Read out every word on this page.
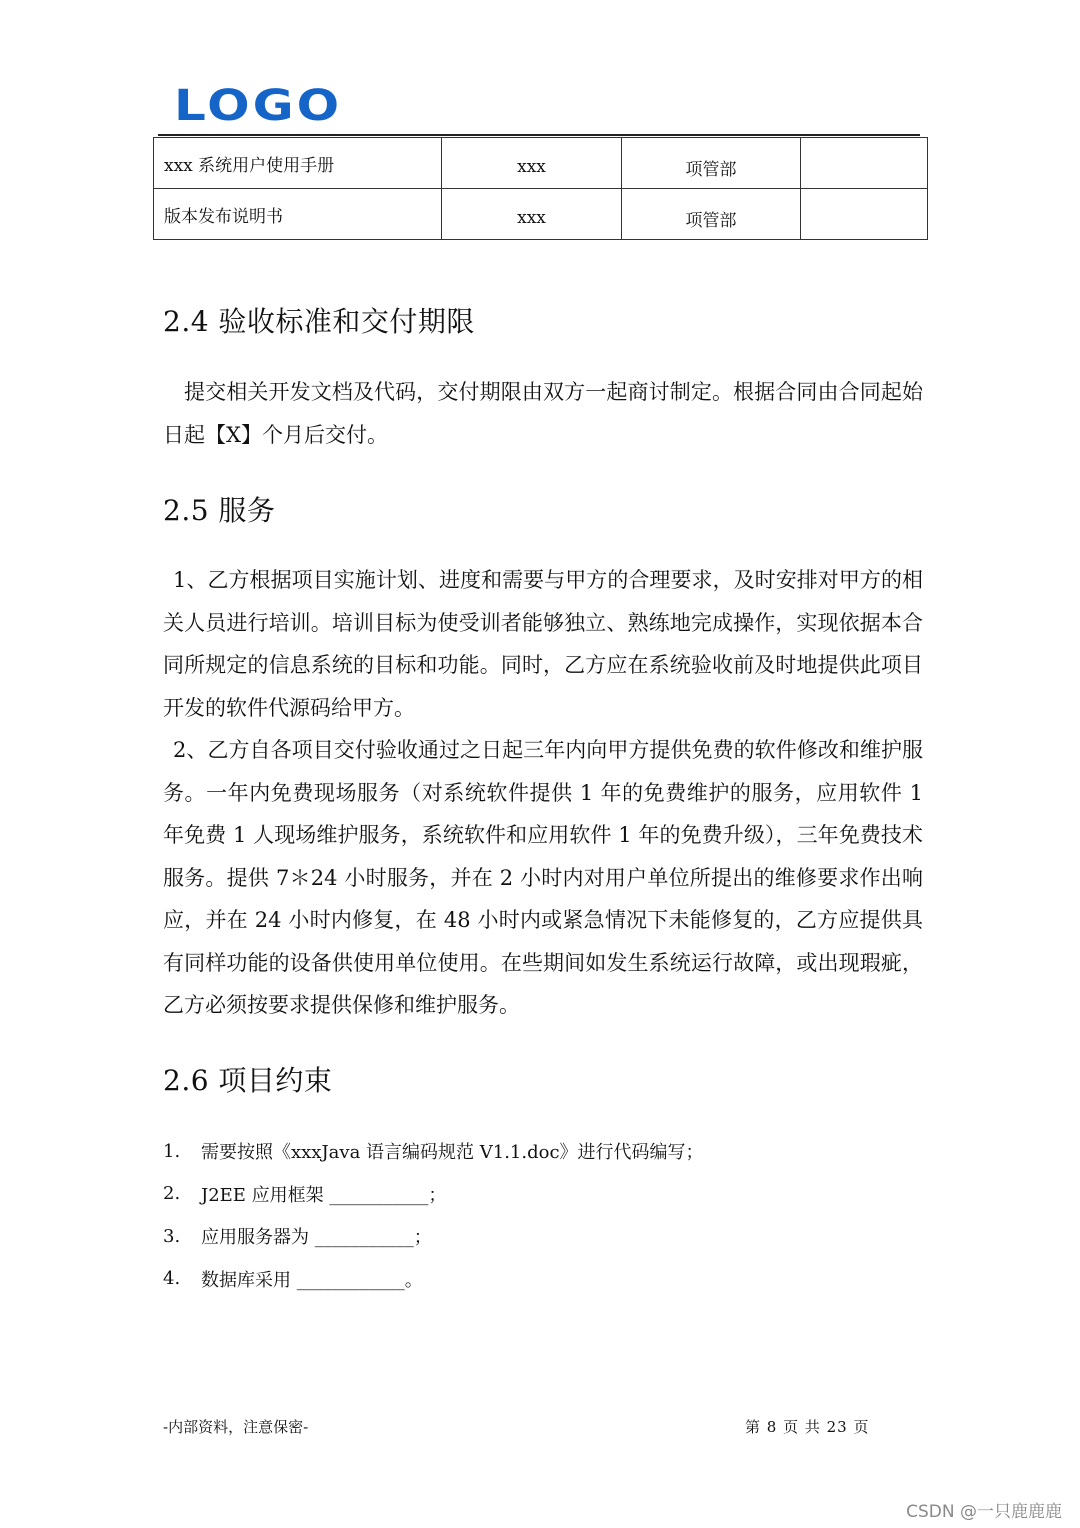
LOGO
xxx 系统用户使用手册	xxx	项管部	
版本发布说明书	xxx	项管部	
2.4 验收标准和交付期限

提交相关开发文档及代码，交付期限由双方一起商讨制定。根据合同由合同起始日起【X】个月后交付。

2.5 服务

1、乙方根据项目实施计划、进度和需要与甲方的合理要求，及时安排对甲方的相关人员进行培训。培训目标为使受训者能够独立、熟练地完成操作，实现依据本合同所规定的信息系统的目标和功能。同时，乙方应在系统验收前及时地提供此项目开发的软件代源码给甲方。

2、乙方自各项目交付验收通过之日起三年内向甲方提供免费的软件修改和维护服务。一年内免费现场服务（对系统软件提供 1 年的免费维护的服务，应用软件 1 年免费 1 人现场维护服务，系统软件和应用软件 1 年的免费升级），三年免费技术服务。提供 7＊24 小时服务，并在 2 小时内对用户单位所提出的维修要求作出响应，并在 24 小时内修复，在 48 小时内或紧急情况下未能修复的，乙方应提供具有同样功能的设备供使用单位使用。在些期间如发生系统运行故障，或出现瑕疵，乙方必须按要求提供保修和维护服务。

2.6 项目约束
1.	需要按照《xxxJava 语言编码规范 V1.1.doc》进行代码编写；
2.	J2EE 应用框架 ___________；
3.	应用服务器为 ___________；
4.	数据库采用 ____________。
-内部资料，注意保密-	第 8 页 共 23 页
CSDN @一只鹿鹿鹿
